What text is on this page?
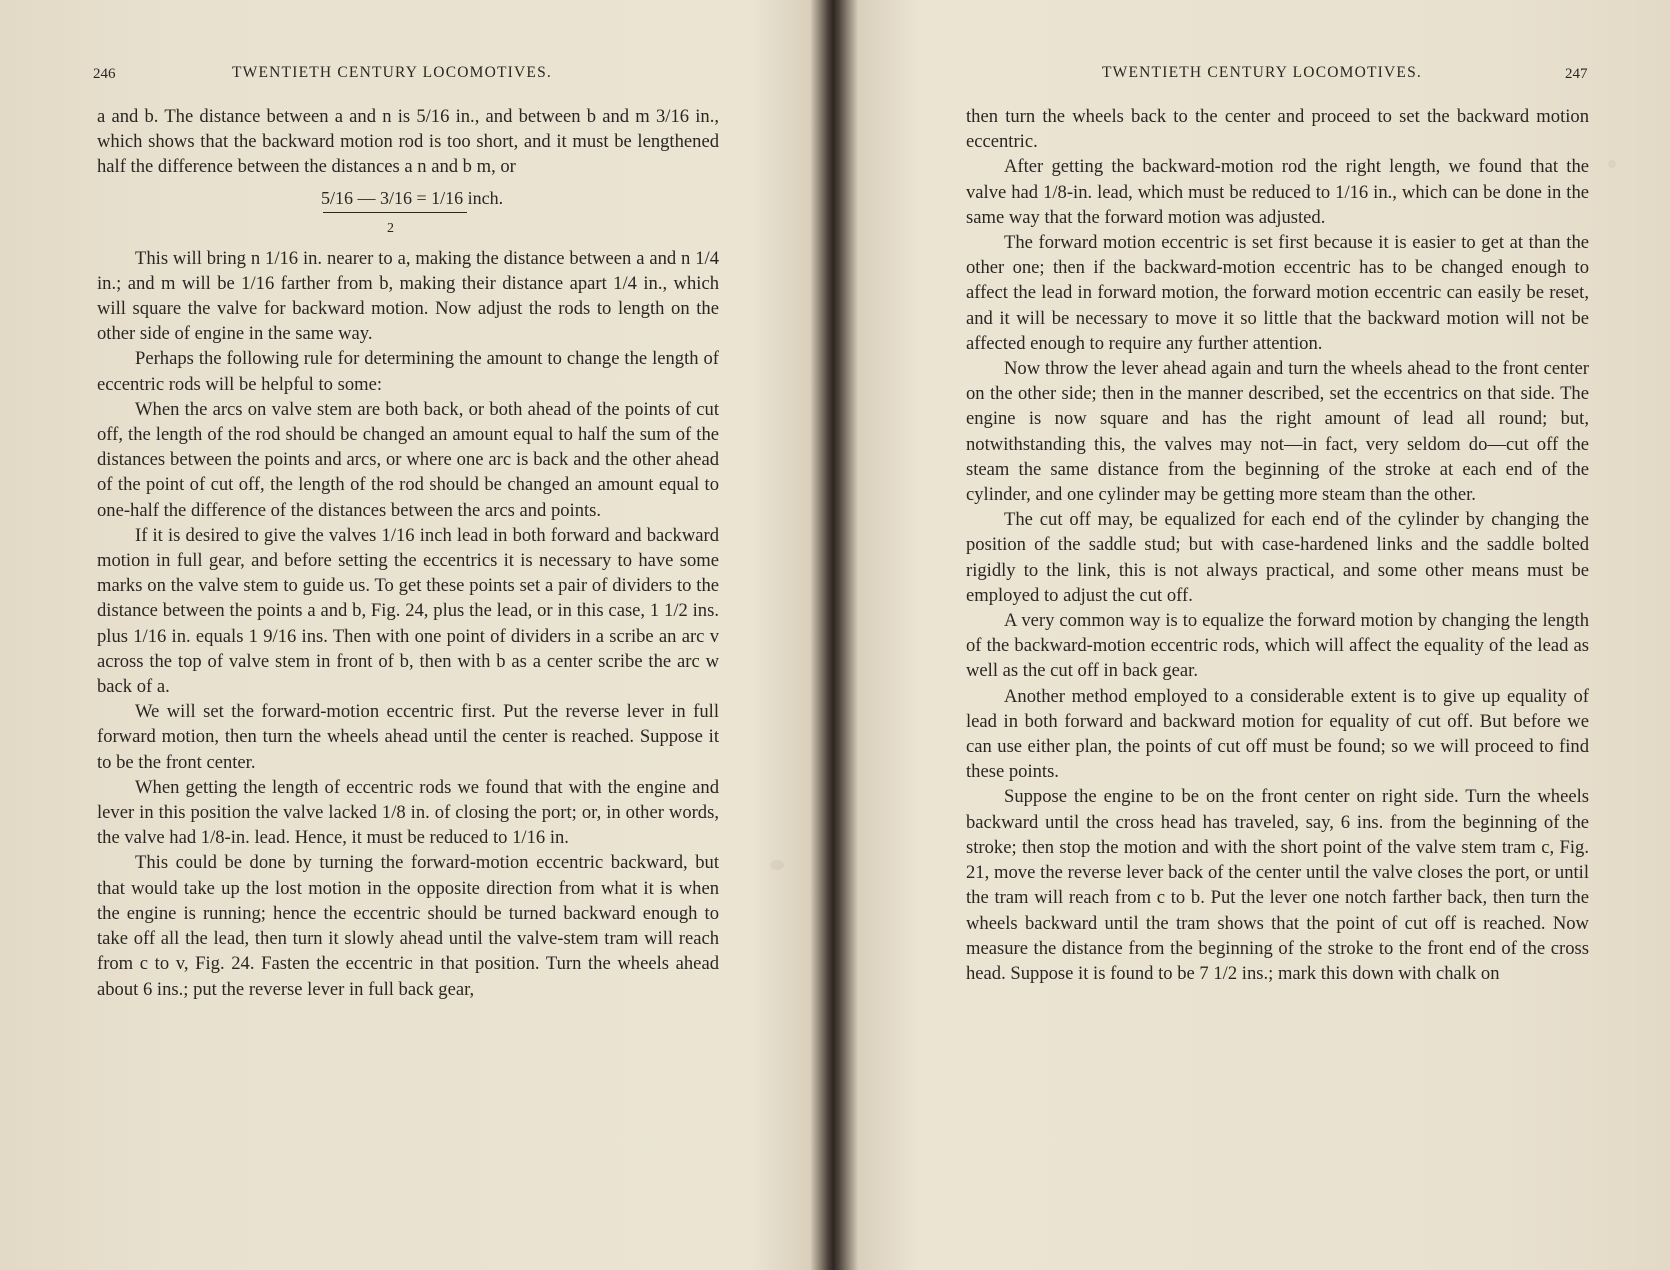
246	TWENTIETH CENTURY LOCOMOTIVES.

a and b. The distance between a and n is 5/16 in., and between b and m 3/16 in., which shows that the backward motion rod is too short, and it must be lengthened half the difference between the distances a n and b m, or

5/16 — 3/16 = 1/16 inch.
2

This will bring n 1/16 in. nearer to a, making the distance between a and n 1/4 in.; and m will be 1/16 farther from b, making their distance apart 1/4 in., which will square the valve for backward motion. Now adjust the rods to length on the other side of engine in the same way.

Perhaps the following rule for determining the amount to change the length of eccentric rods will be helpful to some:

When the arcs on valve stem are both back, or both ahead of the points of cut off, the length of the rod should be changed an amount equal to half the sum of the distances between the points and arcs, or where one arc is back and the other ahead of the point of cut off, the length of the rod should be changed an amount equal to one-half the difference of the distances between the arcs and points.

If it is desired to give the valves 1/16 inch lead in both forward and backward motion in full gear, and before setting the eccentrics it is necessary to have some marks on the valve stem to guide us. To get these points set a pair of dividers to the distance between the points a and b, Fig. 24, plus the lead, or in this case, 1 1/2 ins. plus 1/16 in. equals 1 9/16 ins. Then with one point of dividers in a scribe an arc v across the top of valve stem in front of b, then with b as a center scribe the arc w back of a.

We will set the forward-motion eccentric first. Put the reverse lever in full forward motion, then turn the wheels ahead until the center is reached. Suppose it to be the front center.

When getting the length of eccentric rods we found that with the engine and lever in this position the valve lacked 1/8 in. of closing the port; or, in other words, the valve had 1/8-in. lead. Hence, it must be reduced to 1/16 in.

This could be done by turning the forward-motion eccentric backward, but that would take up the lost motion in the opposite direction from what it is when the engine is running; hence the eccentric should be turned backward enough to take off all the lead, then turn it slowly ahead until the valve-stem tram will reach from c to v, Fig. 24. Fasten the eccentric in that position. Turn the wheels ahead about 6 ins.; put the reverse lever in full back gear,

TWENTIETH CENTURY LOCOMOTIVES.	247

then turn the wheels back to the center and proceed to set the backward motion eccentric.

After getting the backward-motion rod the right length, we found that the valve had 1/8-in. lead, which must be reduced to 1/16 in., which can be done in the same way that the forward motion was adjusted.

The forward motion eccentric is set first because it is easier to get at than the other one; then if the backward-motion eccentric has to be changed enough to affect the lead in forward motion, the forward motion eccentric can easily be reset, and it will be necessary to move it so little that the backward motion will not be affected enough to require any further attention.

Now throw the lever ahead again and turn the wheels ahead to the front center on the other side; then in the manner described, set the eccentrics on that side. The engine is now square and has the right amount of lead all round; but, notwithstanding this, the valves may not—in fact, very seldom do—cut off the steam the same distance from the beginning of the stroke at each end of the cylinder, and one cylinder may be getting more steam than the other.

The cut off may, be equalized for each end of the cylinder by changing the position of the saddle stud; but with case-hardened links and the saddle bolted rigidly to the link, this is not always practical, and some other means must be employed to adjust the cut off.

A very common way is to equalize the forward motion by changing the length of the backward-motion eccentric rods, which will affect the equality of the lead as well as the cut off in back gear.

Another method employed to a considerable extent is to give up equality of lead in both forward and backward motion for equality of cut off. But before we can use either plan, the points of cut off must be found; so we will proceed to find these points.

Suppose the engine to be on the front center on right side. Turn the wheels backward until the cross head has traveled, say, 6 ins. from the beginning of the stroke; then stop the motion and with the short point of the valve stem tram c, Fig. 21, move the reverse lever back of the center until the valve closes the port, or until the tram will reach from c to b. Put the lever one notch farther back, then turn the wheels backward until the tram shows that the point of cut off is reached. Now measure the distance from the beginning of the stroke to the front end of the cross head. Suppose it is found to be 7 1/2 ins.; mark this down with chalk on
